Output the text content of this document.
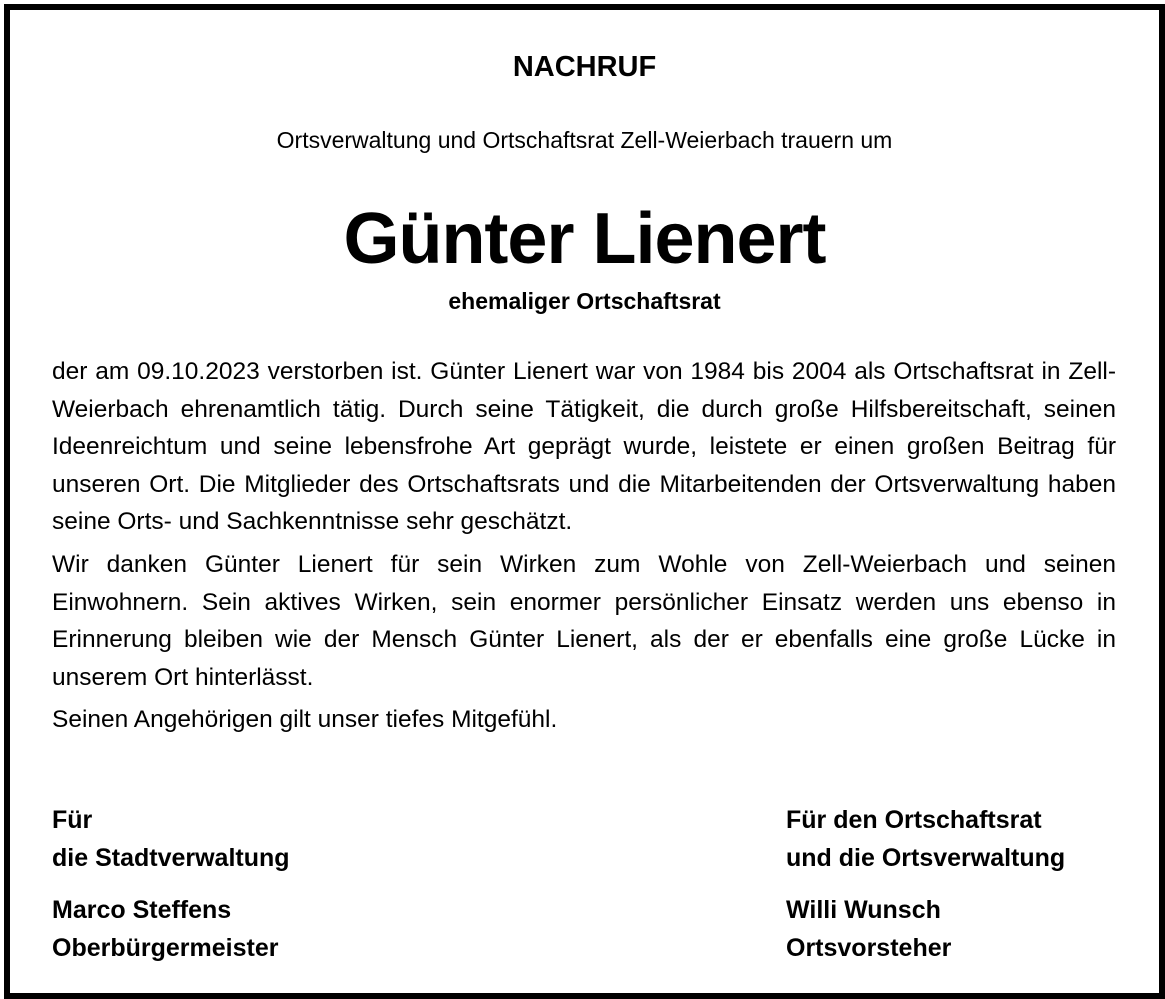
NACHRUF

Ortsverwaltung und Ortschaftsrat Zell-Weierbach trauern um

Günter Lienert

ehemaliger Ortschaftsrat

der am 09.10.2023 verstorben ist. Günter Lienert war von 1984 bis 2004 als Ortschaftsrat in Zell-Weierbach ehrenamtlich tätig. Durch seine Tätigkeit, die durch große Hilfsbereitschaft, seinen Ideenreichtum und seine lebensfrohe Art geprägt wurde, leistete er einen großen Beitrag für unseren Ort. Die Mitglieder des Ortschaftsrats und die Mitarbeitenden der Ortsverwaltung haben seine Orts- und Sachkenntnisse sehr geschätzt.

Wir danken Günter Lienert für sein Wirken zum Wohle von Zell-Weierbach und seinen Einwohnern. Sein aktives Wirken, sein enormer persönlicher Einsatz werden uns ebenso in Erinnerung bleiben wie der Mensch Günter Lienert, als der er ebenfalls eine große Lücke in unserem Ort hinterlässt.

Seinen Angehörigen gilt unser tiefes Mitgefühl.

Für
die Stadtverwaltung
Marco Steffens
Oberbürgermeister
Für den Ortschaftsrat
und die Ortsverwaltung
Willi Wunsch
Ortsvorsteher
